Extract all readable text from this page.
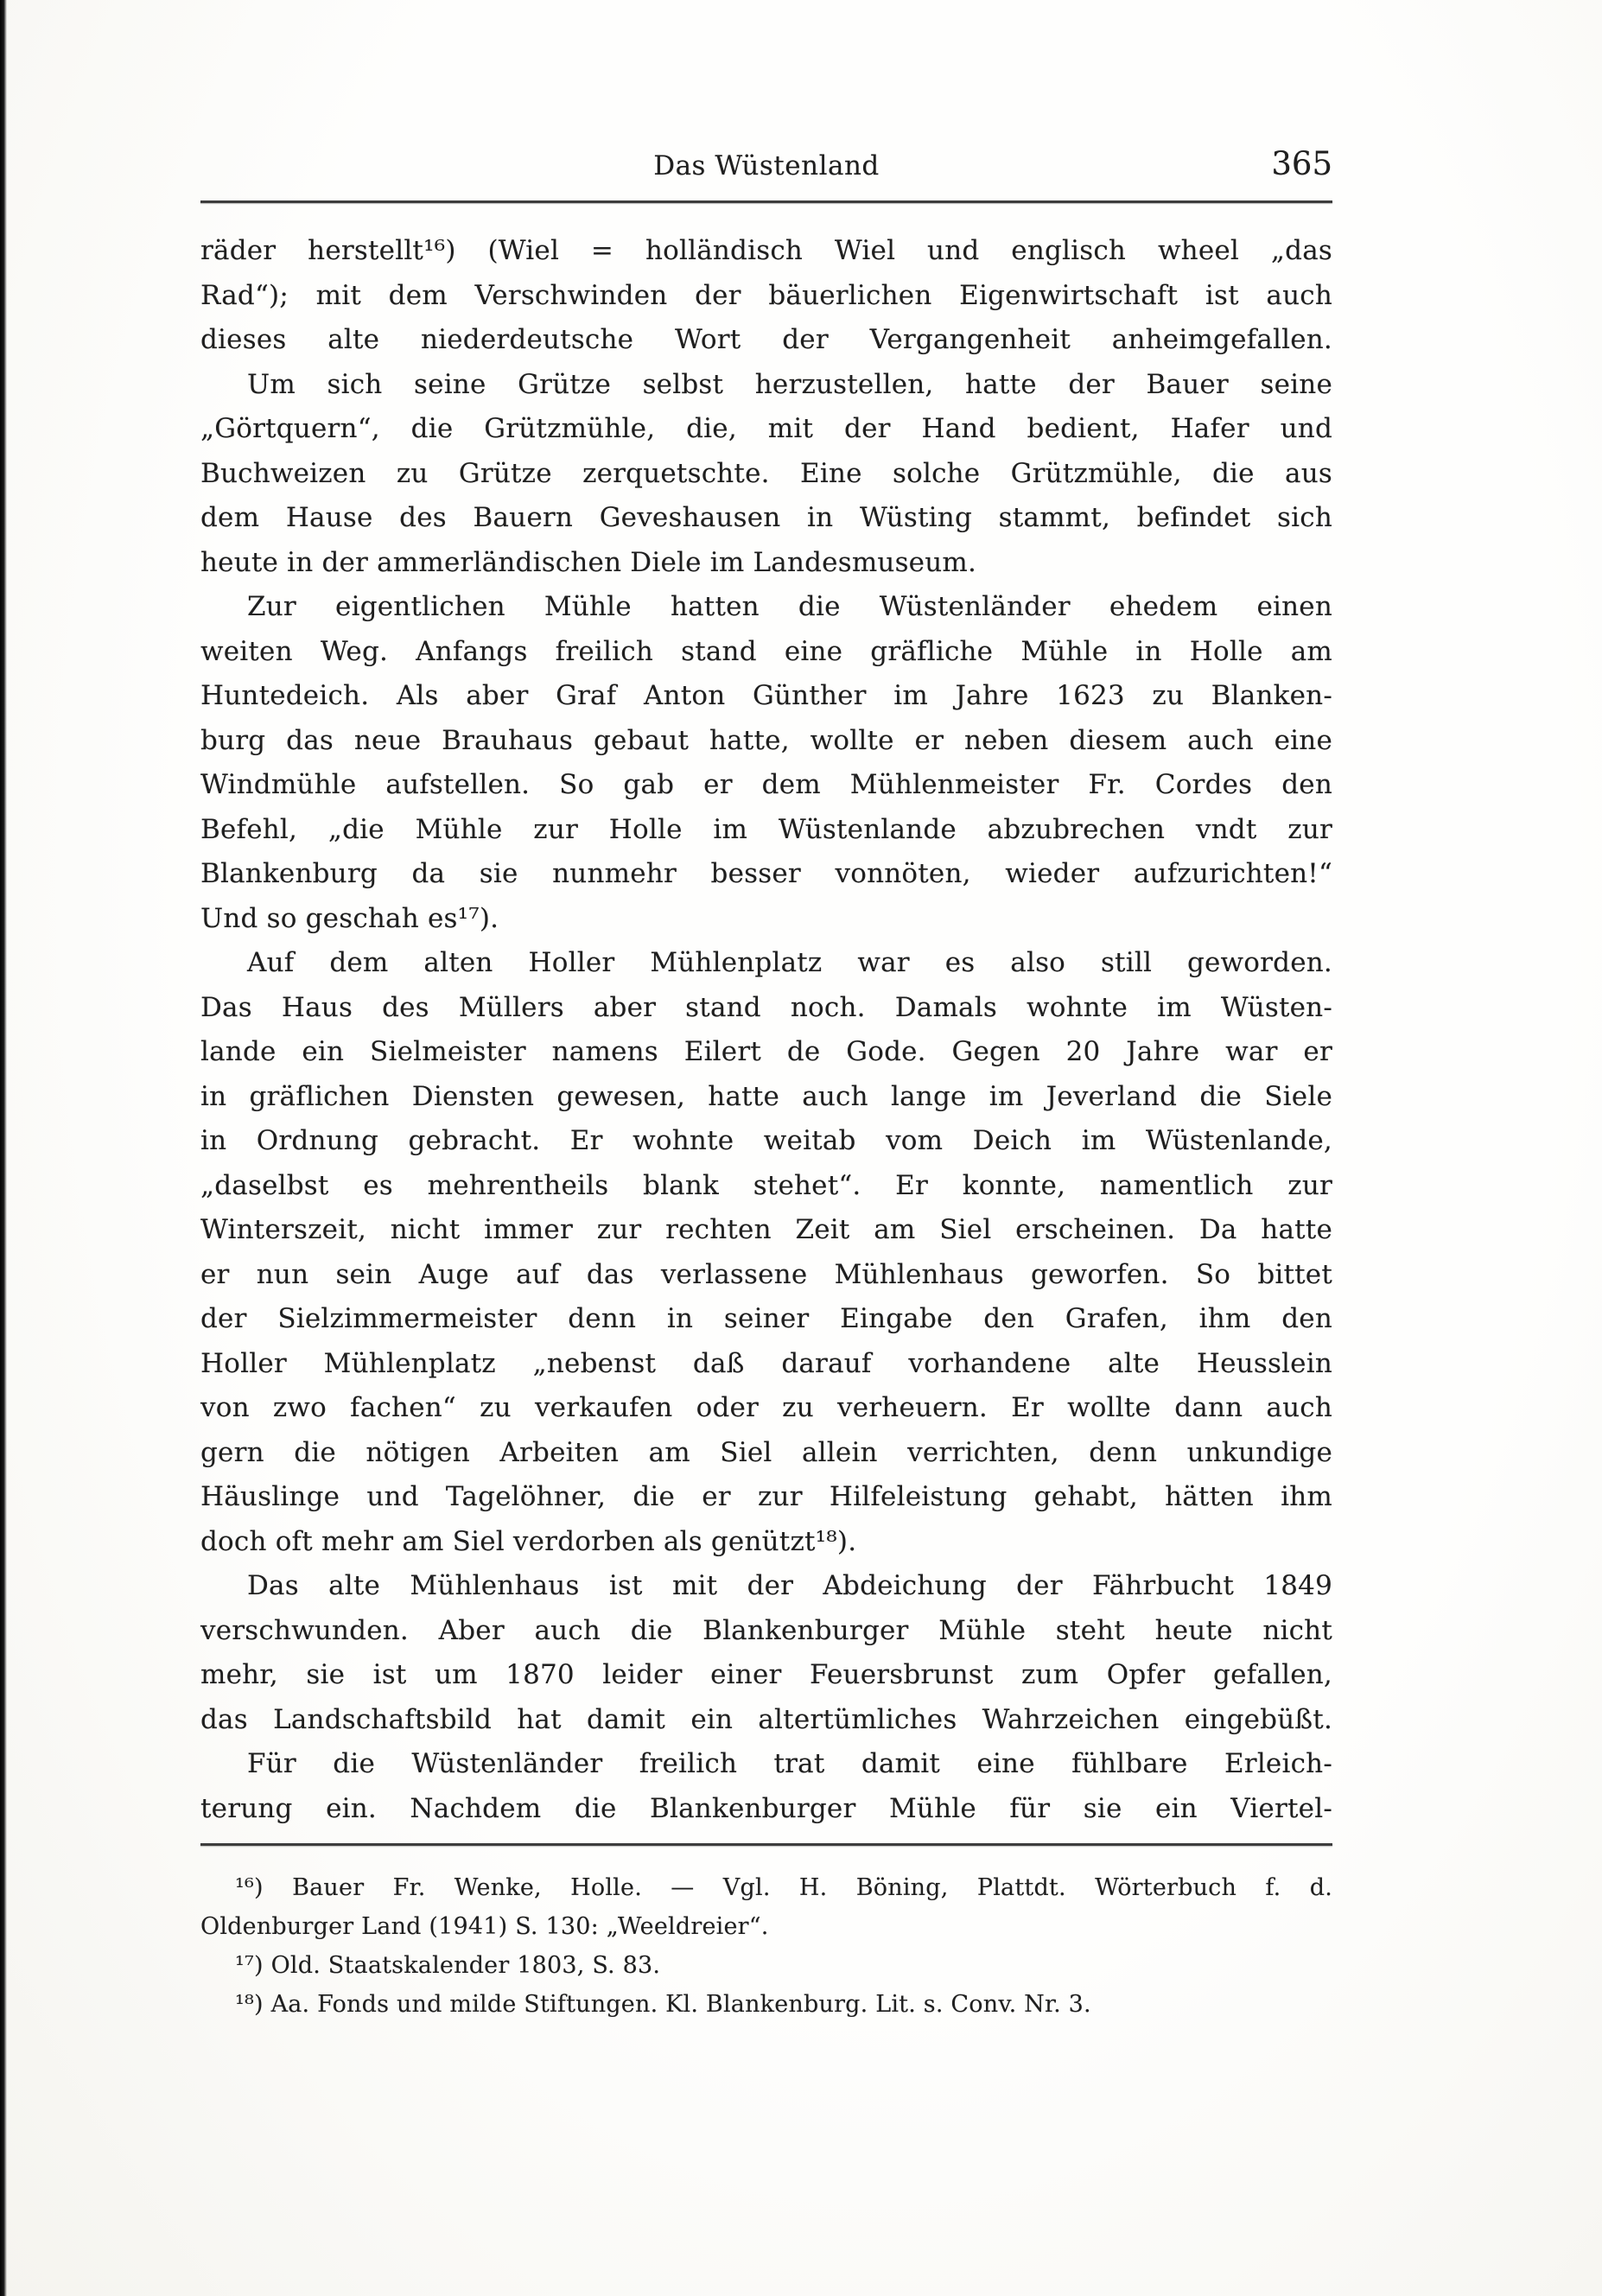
Das Wüstenland	365
räder herstellt¹⁶) (Wiel = holländisch Wiel und englisch wheel „das
Rad“); mit dem Verschwinden der bäuerlichen Eigenwirtschaft ist auch
dieses alte niederdeutsche Wort der Vergangenheit anheimgefallen.
Um sich seine Grütze selbst herzustellen, hatte der Bauer seine
„Görtquern“, die Grützmühle, die, mit der Hand bedient, Hafer und
Buchweizen zu Grütze zerquetschte. Eine solche Grützmühle, die aus
dem Hause des Bauern Geveshausen in Wüsting stammt, befindet sich
heute in der ammerländischen Diele im Landesmuseum.
Zur eigentlichen Mühle hatten die Wüstenländer ehedem einen
weiten Weg. Anfangs freilich stand eine gräfliche Mühle in Holle am
Huntedeich. Als aber Graf Anton Günther im Jahre 1623 zu Blanken-
burg das neue Brauhaus gebaut hatte, wollte er neben diesem auch eine
Windmühle aufstellen. So gab er dem Mühlenmeister Fr. Cordes den
Befehl, „die Mühle zur Holle im Wüstenlande abzubrechen vndt zur
Blankenburg da sie nunmehr besser vonnöten, wieder aufzurichten!“
Und so geschah es¹⁷).
Auf dem alten Holler Mühlenplatz war es also still geworden.
Das Haus des Müllers aber stand noch. Damals wohnte im Wüsten-
lande ein Sielmeister namens Eilert de Gode. Gegen 20 Jahre war er
in gräflichen Diensten gewesen, hatte auch lange im Jeverland die Siele
in Ordnung gebracht. Er wohnte weitab vom Deich im Wüstenlande,
„daselbst es mehrentheils blank stehet“. Er konnte, namentlich zur
Winterszeit, nicht immer zur rechten Zeit am Siel erscheinen. Da hatte
er nun sein Auge auf das verlassene Mühlenhaus geworfen. So bittet
der Sielzimmermeister denn in seiner Eingabe den Grafen, ihm den
Holler Mühlenplatz „nebenst daß darauf vorhandene alte Heusslein
von zwo fachen“ zu verkaufen oder zu verheuern. Er wollte dann auch
gern die nötigen Arbeiten am Siel allein verrichten, denn unkundige
Häuslinge und Tagelöhner, die er zur Hilfeleistung gehabt, hätten ihm
doch oft mehr am Siel verdorben als genützt¹⁸).
Das alte Mühlenhaus ist mit der Abdeichung der Fährbucht 1849
verschwunden. Aber auch die Blankenburger Mühle steht heute nicht
mehr, sie ist um 1870 leider einer Feuersbrunst zum Opfer gefallen,
das Landschaftsbild hat damit ein altertümliches Wahrzeichen eingebüßt.
Für die Wüstenländer freilich trat damit eine fühlbare Erleich-
terung ein. Nachdem die Blankenburger Mühle für sie ein Viertel-
¹⁶) Bauer Fr. Wenke, Holle. — Vgl. H. Böning, Plattdt. Wörterbuch f. d.
Oldenburger Land (1941) S. 130: „Weeldreier“.
¹⁷) Old. Staatskalender 1803, S. 83.
¹⁸) Aa. Fonds und milde Stiftungen. Kl. Blankenburg. Lit. s. Conv. Nr. 3.
